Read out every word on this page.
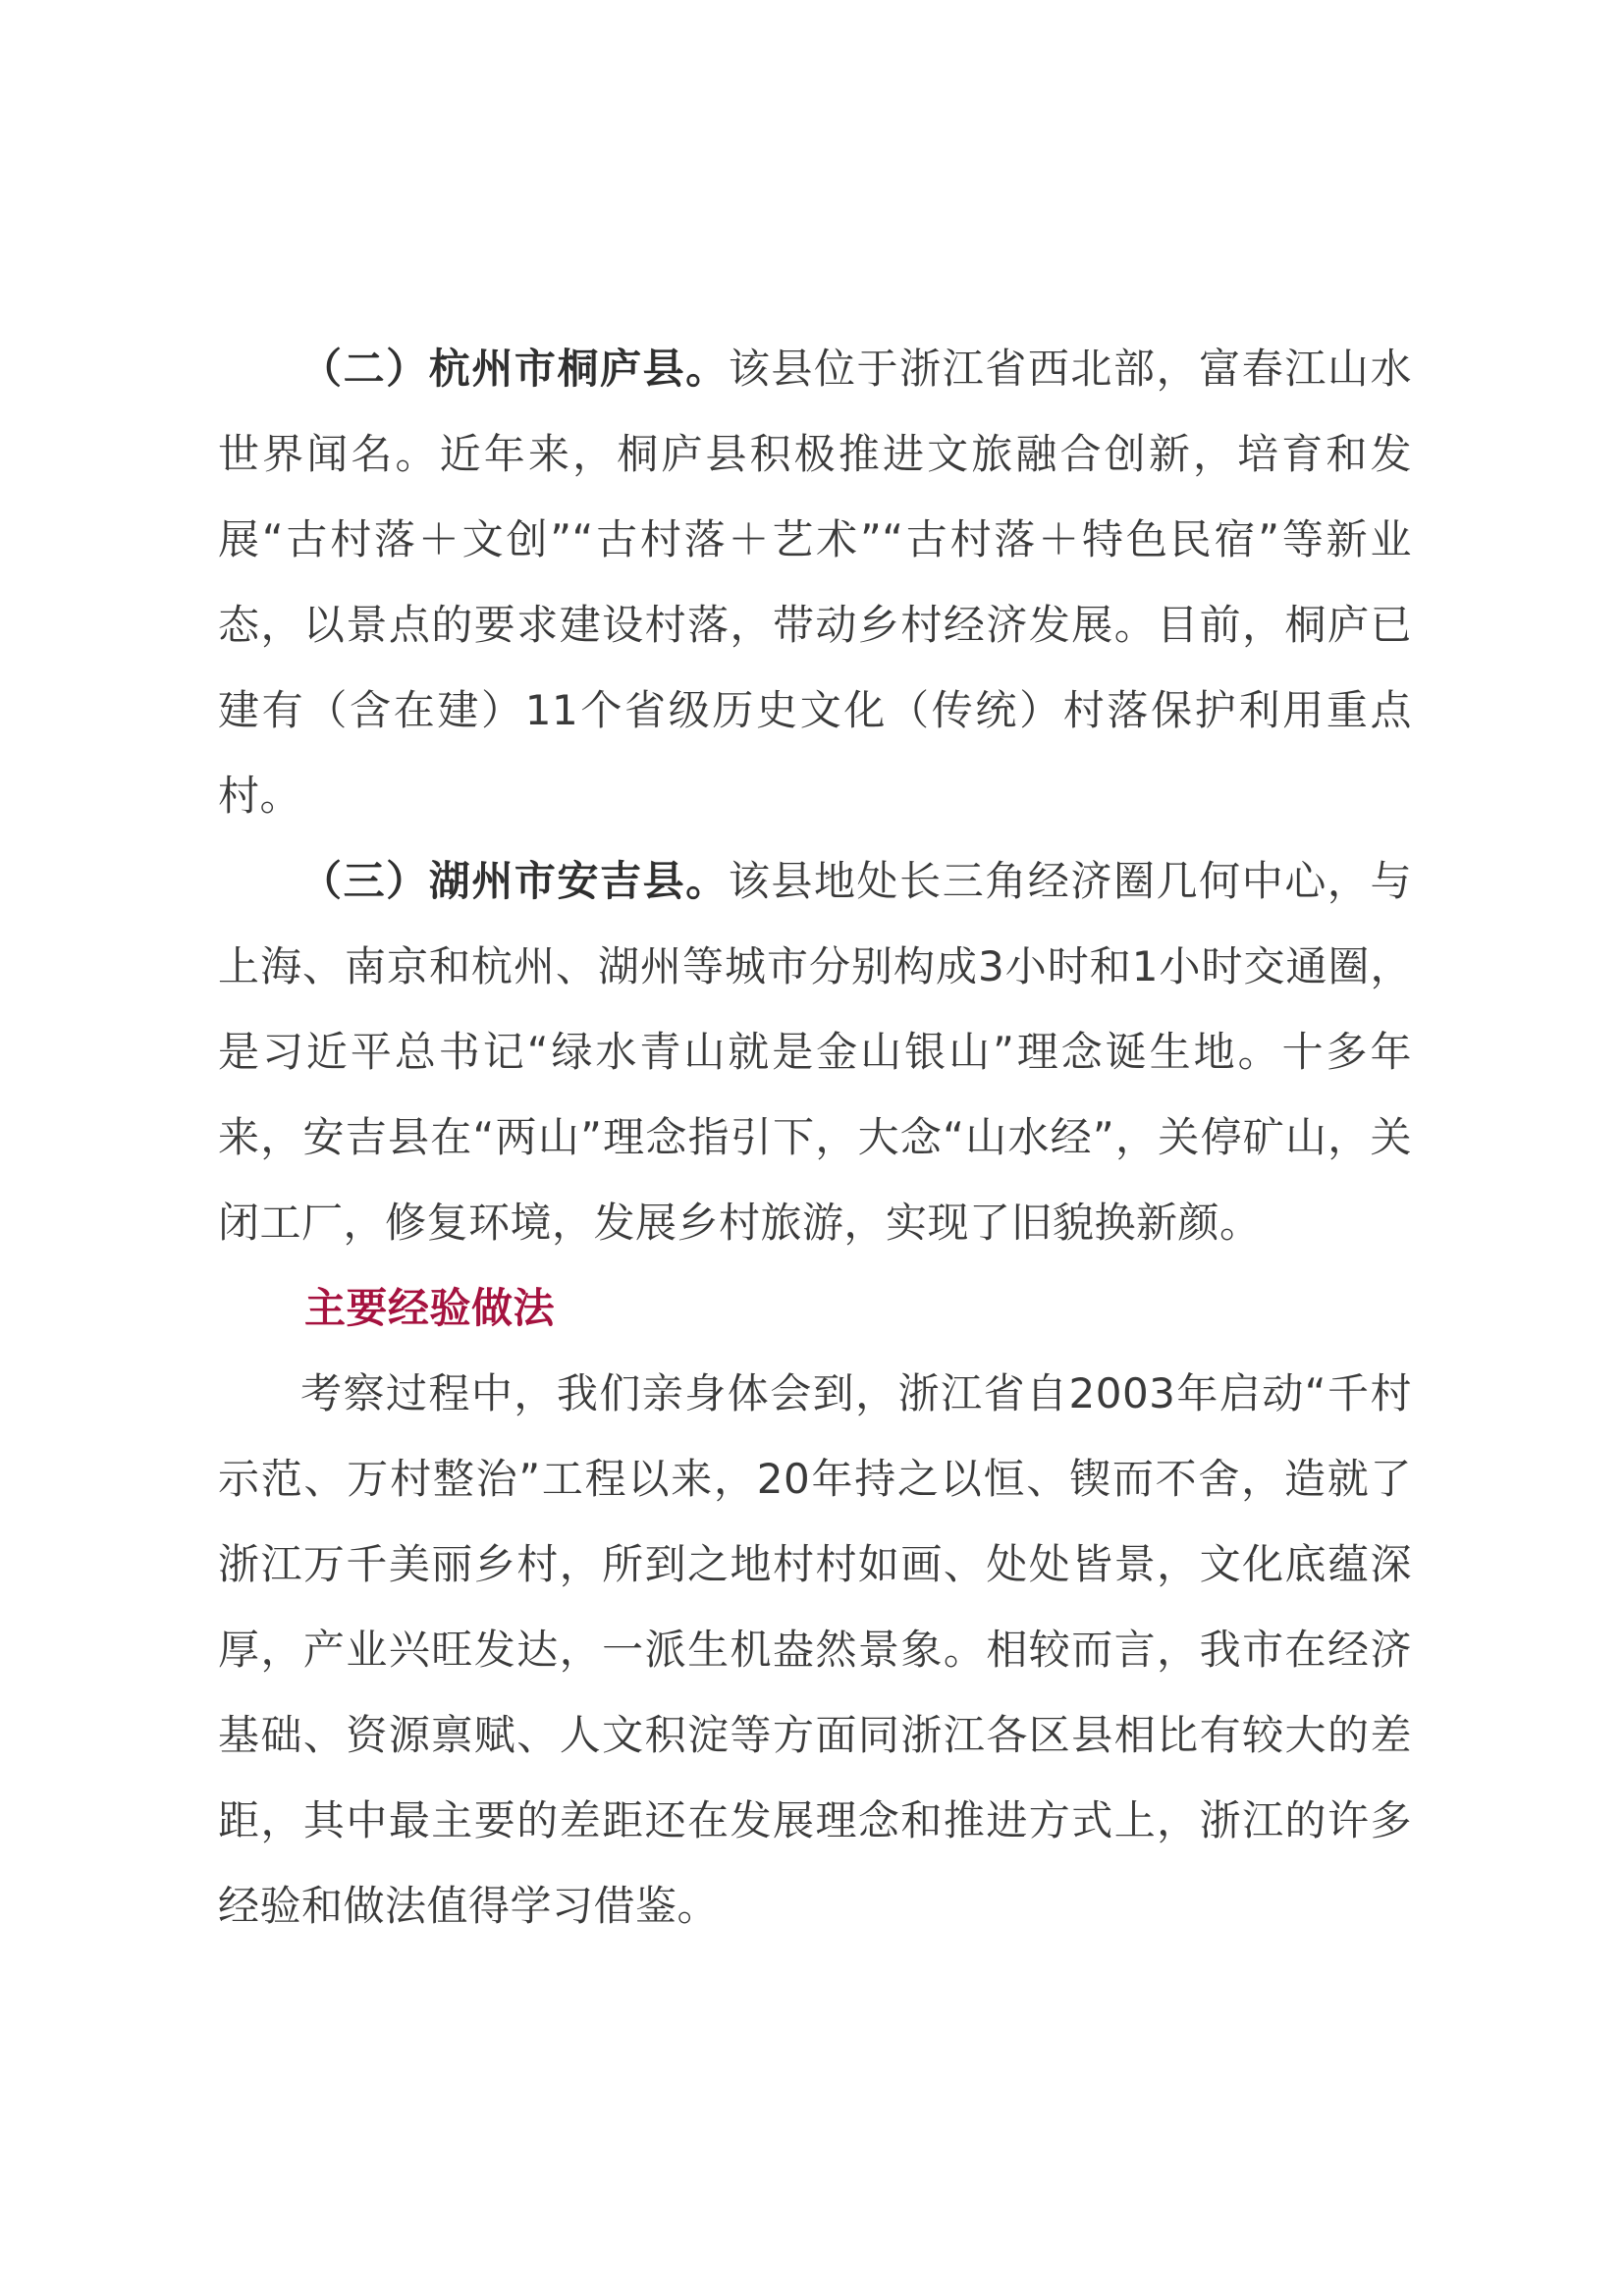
（二）杭州市桐庐县。该县位于浙江省西北部，富春江山水世界闻名。近年来，桐庐县积极推进文旅融合创新，培育和发展“古村落＋文创”“古村落＋艺术”“古村落＋特色民宿”等新业态，以景点的要求建设村落，带动乡村经济发展。目前，桐庐已建有（含在建）11个省级历史文化（传统）村落保护利用重点村。

（三）湖州市安吉县。该县地处长三角经济圈几何中心，与上海、南京和杭州、湖州等城市分别构成3小时和1小时交通圈，是习近平总书记“绿水青山就是金山银山”理念诞生地。十多年来，安吉县在“两山”理念指引下，大念“山水经”，关停矿山，关闭工厂，修复环境，发展乡村旅游，实现了旧貌换新颜。

主要经验做法

考察过程中，我们亲身体会到，浙江省自2003年启动“千村示范、万村整治”工程以来，20年持之以恒、锲而不舍，造就了浙江万千美丽乡村，所到之地村村如画、处处皆景，文化底蕴深厚，产业兴旺发达，一派生机盎然景象。相较而言，我市在经济基础、资源禀赋、人文积淀等方面同浙江各区县相比有较大的差距，其中最主要的差距还在发展理念和推进方式上，浙江的许多经验和做法值得学习借鉴。
